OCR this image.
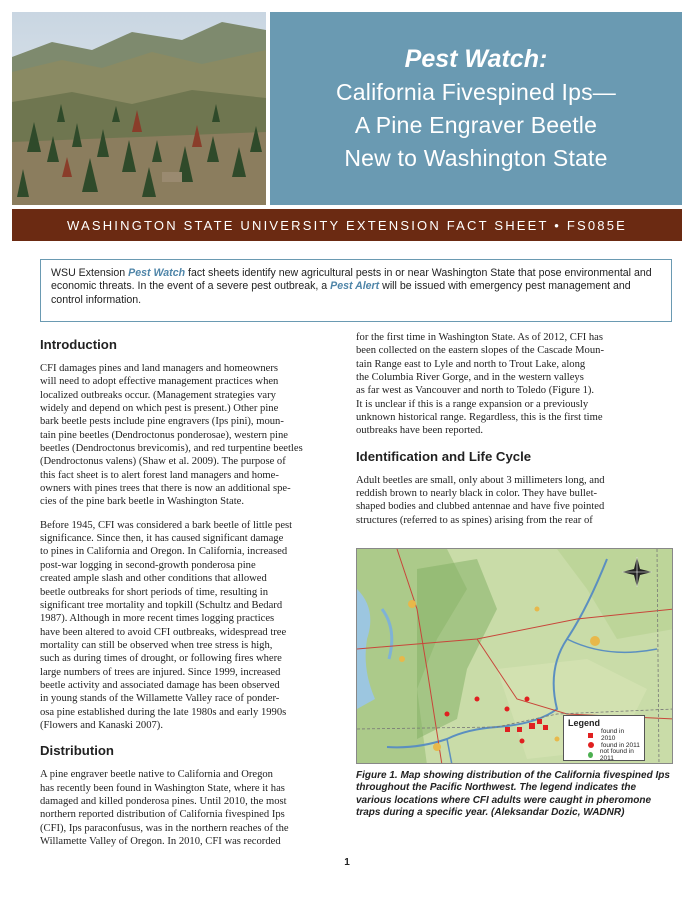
Pest Watch:
California Fivespined Ips—
A Pine Engraver Beetle
New to Washington State
WASHINGTON STATE UNIVERSITY EXTENSION FACT SHEET • FS085E
WSU Extension Pest Watch fact sheets identify new agricultural pests in or near Washington State that pose environmental and economic threats. In the event of a severe pest outbreak, a Pest Alert will be issued with emergency pest management and control information.
Introduction

CFI damages pines and land managers and homeowners
will need to adopt effective management practices when
localized outbreaks occur. (Management strategies vary
widely and depend on which pest is present.) Other pine
bark beetle pests include pine engravers (Ips pini), moun-
tain pine beetles (Dendroctonus ponderosae), western pine
beetles (Dendroctonus brevicomis), and red turpentine beetles
(Dendroctonus valens) (Shaw et al. 2009). The purpose of
this fact sheet is to alert forest land managers and home-
owners with pines trees that there is now an additional spe-
cies of the pine bark beetle in Washington State.

Before 1945, CFI was considered a bark beetle of little pest
significance. Since then, it has caused significant damage
to pines in California and Oregon. In California, increased
post-war logging in second-growth ponderosa pine
created ample slash and other conditions that allowed
beetle outbreaks for short periods of time, resulting in
significant tree mortality and topkill (Schultz and Bedard
1987). Although in more recent times logging practices
have been altered to avoid CFI outbreaks, widespread tree
mortality can still be observed when tree stress is high,
such as during times of drought, or following fires where
large numbers of trees are injured. Since 1999, increased
beetle activity and associated damage has been observed
in young stands of the Willamette Valley race of ponder-
osa pine established during the late 1980s and early 1990s
(Flowers and Kanaski 2007).

Distribution

A pine engraver beetle native to California and Oregon
has recently been found in Washington State, where it has
damaged and killed ponderosa pines. Until 2010, the most
northern reported distribution of California fivespined Ips
(CFI), Ips paraconfusus, was in the northern reaches of the
Willamette Valley of Oregon. In 2010, CFI was recorded

for the first time in Washington State. As of 2012, CFI has
been collected on the eastern slopes of the Cascade Moun-
tain Range east to Lyle and north to Trout Lake, along
the Columbia River Gorge, and in the western valleys
as far west as Vancouver and north to Toledo (Figure 1).
It is unclear if this is a range expansion or a previously
unknown historical range. Regardless, this is the first time
outbreaks have been reported.

Identification and Life Cycle

Adult beetles are small, only about 3 millimeters long, and
reddish brown to nearly black in color. They have bullet-
shaped bodies and clubbed antennae and have five pointed
structures (referred to as spines) arising from the rear of

Legend
found in 2010
found in 2011
not found in 2011
Figure 1. Map showing distribution of the California fivespined Ips throughout the Pacific Northwest. The legend indicates the various locations where CFI adults were caught in pheromone traps during a specific year. (Aleksandar Dozic, WADNR)
1
